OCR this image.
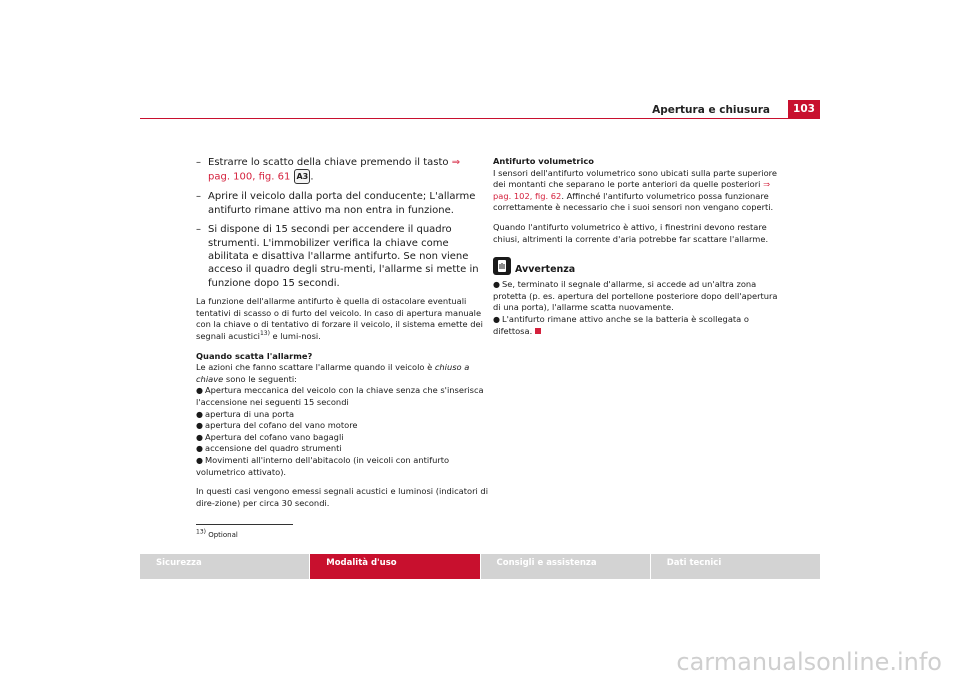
Apertura e chiusura	103
– Estrarre lo scatto della chiave premendo il tasto ⇒ pag. 100, fig. 61 A3 .
– Aprire il veicolo dalla porta del conducente; L'allarme antifurto rimane attivo ma non entra in funzione.
– Si dispone di 15 secondi per accendere il quadro strumenti. L'immobilizer verifica la chiave come abilitata e disattiva l'allarme antifurto. Se non viene acceso il quadro degli stru-menti, l'allarme si mette in funzione dopo 15 secondi.

La funzione dell'allarme antifurto è quella di ostacolare eventuali tentativi di scasso o di furto del veicolo. In caso di apertura manuale con la chiave o di tentativo di forzare il veicolo, il sistema emette dei segnali acustici$^{13)}$ e lumi-nosi.

Quando scatta l'allarme?

Le azioni che fanno scattare l'allarme quando il veicolo è chiuso a chiave sono le seguenti:

● Apertura meccanica del veicolo con la chiave senza che s'inserisca l'accensione nei seguenti 15 secondi

● apertura di una porta

● apertura del cofano del vano motore

● Apertura del cofano vano bagagli

● accensione del quadro strumenti

● Movimenti all'interno dell'abitacolo (in veicoli con antifurto volumetrico attivato).

In questi casi vengono emessi segnali acustici e luminosi (indicatori di dire-zione) per circa 30 secondi.

Antifurto volumetrico

I sensori dell'antifurto volumetrico sono ubicati sulla parte superiore dei montanti che separano le porte anteriori da quelle posteriori ⇒ pag. 102, fig. 62. Affinché l'antifurto volumetrico possa funzionare correttamente è necessario che i suoi sensori non vengano coperti.

Quando l'antifurto volumetrico è attivo, i finestrini devono restare chiusi, altrimenti la corrente d'aria potrebbe far scattare l'allarme.

Avvertenza

● Se, terminato il segnale d'allarme, si accede ad un'altra zona protetta (p. es. apertura del portellone posteriore dopo dell'apertura di una porta), l'allarme scatta nuovamente.

● L'antifurto rimane attivo anche se la batteria è scollegata o difettosa.

13) Optional
Sicurezza	Modalità d'uso	Consigli e assistenza	Dati tecnici
carmanualsonline.info
